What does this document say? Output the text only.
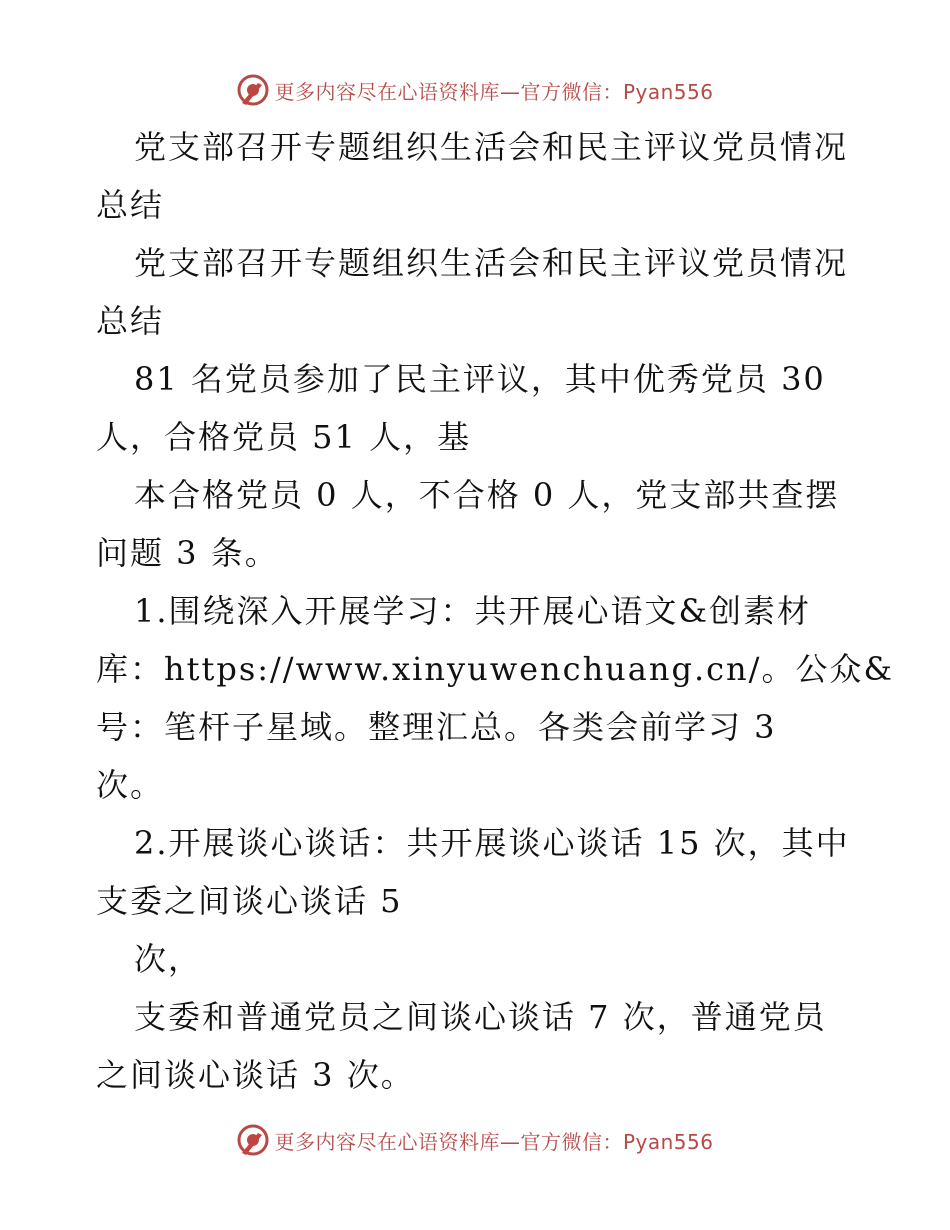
更多内容尽在心语资料库—官方微信：Pyan556
党支部召开专题组织生活会和民主评议党员情况
总结
党支部召开专题组织生活会和民主评议党员情况
总结
81 名党员参加了民主评议，其中优秀党员 30
人，合格党员 51 人，基
本合格党员 0 人，不合格 0 人，党支部共查摆
问题 3 条。
1.围绕深入开展学习：共开展心语文&创素材
库：https://www.xinyuwenchuang.cn/。公众&
号：笔杆子星域。整理汇总。各类会前学习 3
次。
2.开展谈心谈话：共开展谈心谈话 15 次，其中
支委之间谈心谈话 5
次，
支委和普通党员之间谈心谈话 7 次，普通党员
之间谈心谈话 3 次。
更多内容尽在心语资料库—官方微信：Pyan556
